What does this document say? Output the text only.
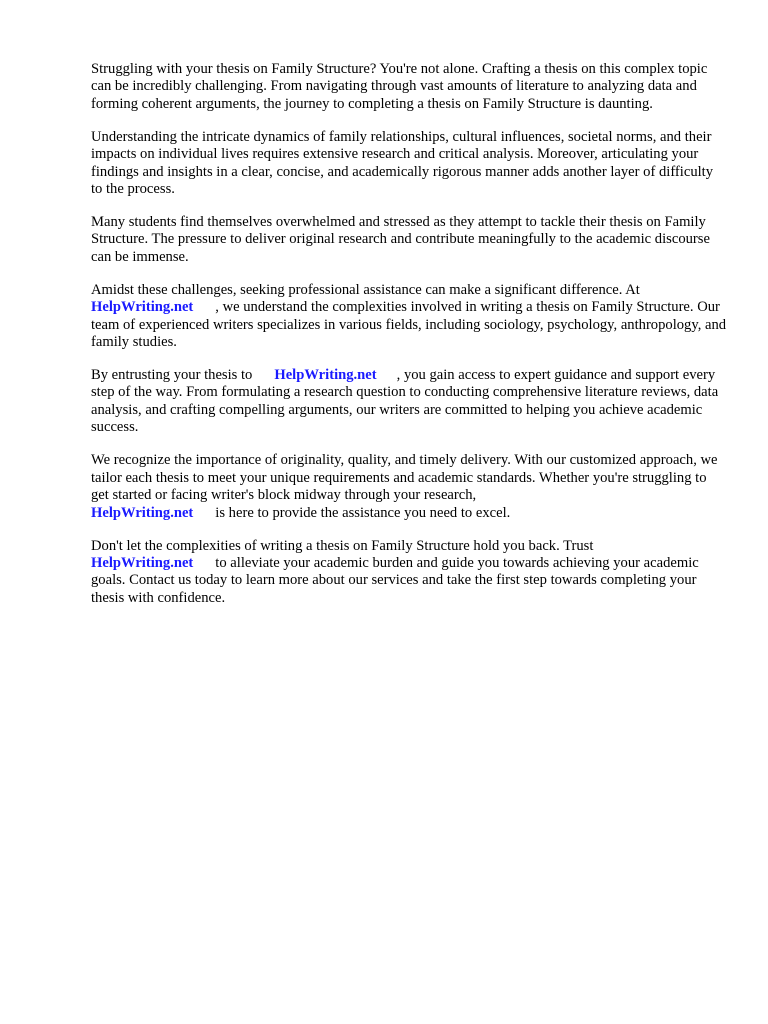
Struggling with your thesis on Family Structure? You're not alone. Crafting a thesis on this complex topic can be incredibly challenging. From navigating through vast amounts of literature to analyzing data and forming coherent arguments, the journey to completing a thesis on Family Structure is daunting.

Understanding the intricate dynamics of family relationships, cultural influences, societal norms, and their impacts on individual lives requires extensive research and critical analysis. Moreover, articulating your findings and insights in a clear, concise, and academically rigorous manner adds another layer of difficulty to the process.

Many students find themselves overwhelmed and stressed as they attempt to tackle their thesis on Family Structure. The pressure to deliver original research and contribute meaningfully to the academic discourse can be immense.

Amidst these challenges, seeking professional assistance can make a significant difference. At
HelpWriting.net , we understand the complexities involved in writing a thesis on Family Structure. Our team of experienced writers specializes in various fields, including sociology, psychology, anthropology, and family studies.

By entrusting your thesis to HelpWriting.net , you gain access to expert guidance and support every step of the way. From formulating a research question to conducting comprehensive literature reviews, data analysis, and crafting compelling arguments, our writers are committed to helping you achieve academic success.

We recognize the importance of originality, quality, and timely delivery. With our customized approach, we tailor each thesis to meet your unique requirements and academic standards. Whether you're struggling to get started or facing writer's block midway through your research,
HelpWriting.net is here to provide the assistance you need to excel.

Don't let the complexities of writing a thesis on Family Structure hold you back. Trust
HelpWriting.net to alleviate your academic burden and guide you towards achieving your academic goals. Contact us today to learn more about our services and take the first step towards completing your thesis with confidence.
